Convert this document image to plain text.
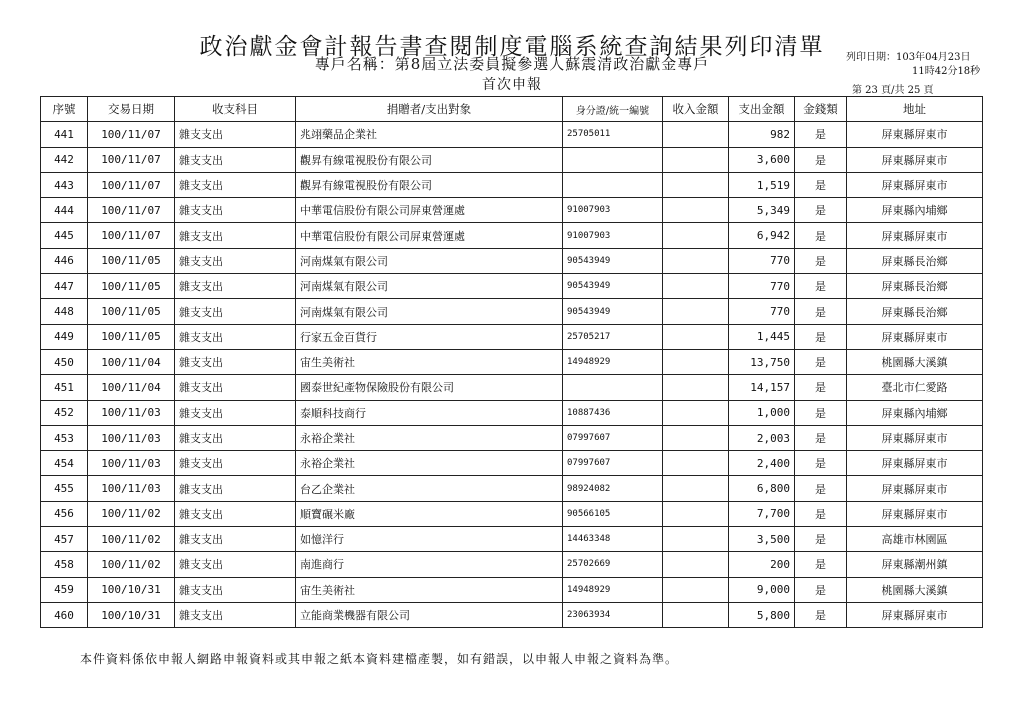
政治獻金會計報告書查閱制度電腦系統查詢結果列印清單
專戶名稱：第8屆立法委員擬參選人蘇震清政治獻金專戶
首次申報
列印日期：103年04月23日
11時42分18秒
第 23 頁/共 25 頁
序號	交易日期	收支科目	捐贈者/支出對象	身分證/統一編號	收入金額	支出金額	金錢類	地址
441	100/11/07	雜支支出	兆翊藥品企業社	25705011		982	是	屏東縣屏東市
442	100/11/07	雜支支出	觀昇有線電視股份有限公司			3,600	是	屏東縣屏東市
443	100/11/07	雜支支出	觀昇有線電視股份有限公司			1,519	是	屏東縣屏東市
444	100/11/07	雜支支出	中華電信股份有限公司屏東營運處	91007903		5,349	是	屏東縣內埔鄉
445	100/11/07	雜支支出	中華電信股份有限公司屏東營運處	91007903		6,942	是	屏東縣屏東市
446	100/11/05	雜支支出	河南煤氣有限公司	90543949		770	是	屏東縣長治鄉
447	100/11/05	雜支支出	河南煤氣有限公司	90543949		770	是	屏東縣長治鄉
448	100/11/05	雜支支出	河南煤氣有限公司	90543949		770	是	屏東縣長治鄉
449	100/11/05	雜支支出	行家五金百貨行	25705217		1,445	是	屏東縣屏東市
450	100/11/04	雜支支出	宙生美術社	14948929		13,750	是	桃園縣大溪鎮
451	100/11/04	雜支支出	國泰世紀產物保險股份有限公司			14,157	是	臺北市仁愛路
452	100/11/03	雜支支出	泰順科技商行	10887436		1,000	是	屏東縣內埔鄉
453	100/11/03	雜支支出	永裕企業社	07997607		2,003	是	屏東縣屏東市
454	100/11/03	雜支支出	永裕企業社	07997607		2,400	是	屏東縣屏東市
455	100/11/03	雜支支出	台乙企業社	98924082		6,800	是	屏東縣屏東市
456	100/11/02	雜支支出	順寶碾米廠	90566105		7,700	是	屏東縣屏東市
457	100/11/02	雜支支出	如憶洋行	14463348		3,500	是	高雄市林園區
458	100/11/02	雜支支出	南進商行	25702669		200	是	屏東縣潮州鎮
459	100/10/31	雜支支出	宙生美術社	14948929		9,000	是	桃園縣大溪鎮
460	100/10/31	雜支支出	立能商業機器有限公司	23063934		5,800	是	屏東縣屏東市
本件資料係依申報人網路申報資料或其申報之紙本資料建檔產製，如有錯誤，以申報人申報之資料為準。
